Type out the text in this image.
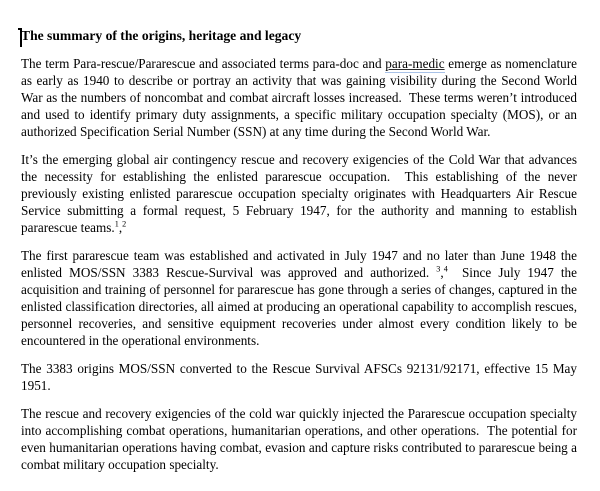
The summary of the origins, heritage and legacy

The term Para-rescue/Pararescue and associated terms para-doc and para-medic emerge as nomenclature as early as 1940 to describe or portray an activity that was gaining visibility during the Second World War as the numbers of noncombat and combat aircraft losses increased.  These terms weren’t introduced and used to identify primary duty assignments, a specific military occupation specialty (MOS), or an authorized Specification Serial Number (SSN) at any time during the Second World War.

It’s the emerging global air contingency rescue and recovery exigencies of the Cold War that advances the necessity for establishing the enlisted pararescue occupation.  This establishing of the never previously existing enlisted pararescue occupation specialty originates with Headquarters Air Rescue Service submitting a formal request, 5 February 1947, for the authority and manning to establish pararescue teams.$^1$,$^2$

The first pararescue team was established and activated in July 1947 and no later than June 1948 the enlisted MOS/SSN 3383 Rescue-Survival was approved and authorized. $^3$,$^4$  Since July 1947 the acquisition and training of personnel for pararescue has gone through a series of changes, captured in the enlisted classification directories, all aimed at producing an operational capability to accomplish rescues, personnel recoveries, and sensitive equipment recoveries under almost every condition likely to be encountered in the operational environments.

The 3383 origins MOS/SSN converted to the Rescue Survival AFSCs 92131/92171, effective 15 May 1951.

The rescue and recovery exigencies of the cold war quickly injected the Pararescue occupation specialty into accomplishing combat operations, humanitarian operations, and other operations.  The potential for even humanitarian operations having combat, evasion and capture risks contributed to pararescue being a combat military occupation specialty.
